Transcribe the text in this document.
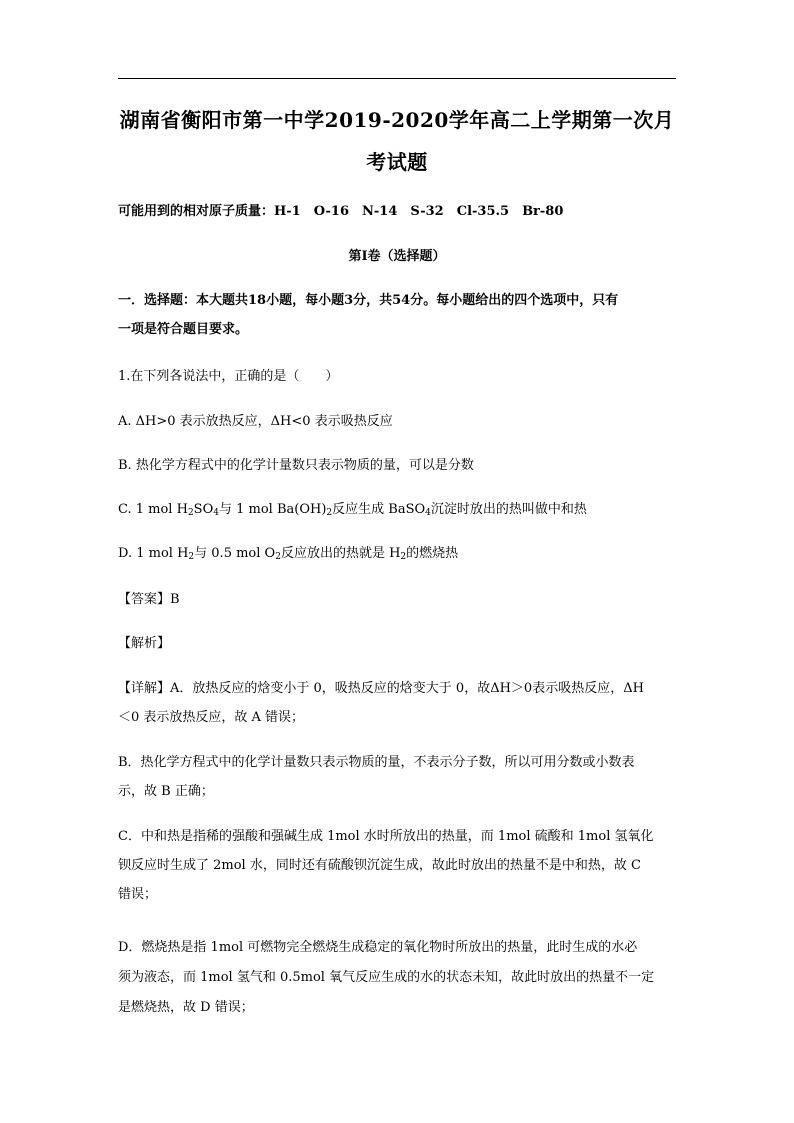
湖南省衡阳市第一中学2019-2020学年高二上学期第一次月
考试题
可能用到的相对原子质量：H-1　O-16　N-14　S-32　Cl-35.5　Br-80
第Ⅰ卷（选择题）
一．选择题：本大题共18小题，每小题3分，共54分。每小题给出的四个选项中，只有
一项是符合题目要求。
1.在下列各说法中，正确的是（　　）
A. ΔH>0 表示放热反应，ΔH<0 表示吸热反应
B. 热化学方程式中的化学计量数只表示物质的量，可以是分数
C. 1 mol $H_2SO_4$与 1 mol $Ba(OH)_2$反应生成 BaSO$_4$沉淀时放出的热叫做中和热
D. 1 mol $H_2$与 0.5 mol $O_2$反应放出的热就是 $H_2$的燃烧热
【答案】B
【解析】
【详解】A．放热反应的焓变小于 0，吸热反应的焓变大于 0，故ΔH＞0表示吸热反应，ΔH
＜0 表示放热反应，故 A 错误；
B．热化学方程式中的化学计量数只表示物质的量，不表示分子数，所以可用分数或小数表
示，故 B 正确；
C．中和热是指稀的强酸和强碱生成 1mol 水时所放出的热量，而 1mol 硫酸和 1mol 氢氧化
钡反应时生成了 2mol 水，同时还有硫酸钡沉淀生成，故此时放出的热量不是中和热，故 C
错误；
D．燃烧热是指 1mol 可燃物完全燃烧生成稳定的氧化物时所放出的热量，此时生成的水必
须为液态，而 1mol 氢气和 0.5mol 氧气反应生成的水的状态未知，故此时放出的热量不一定
是燃烧热，故 D 错误；
